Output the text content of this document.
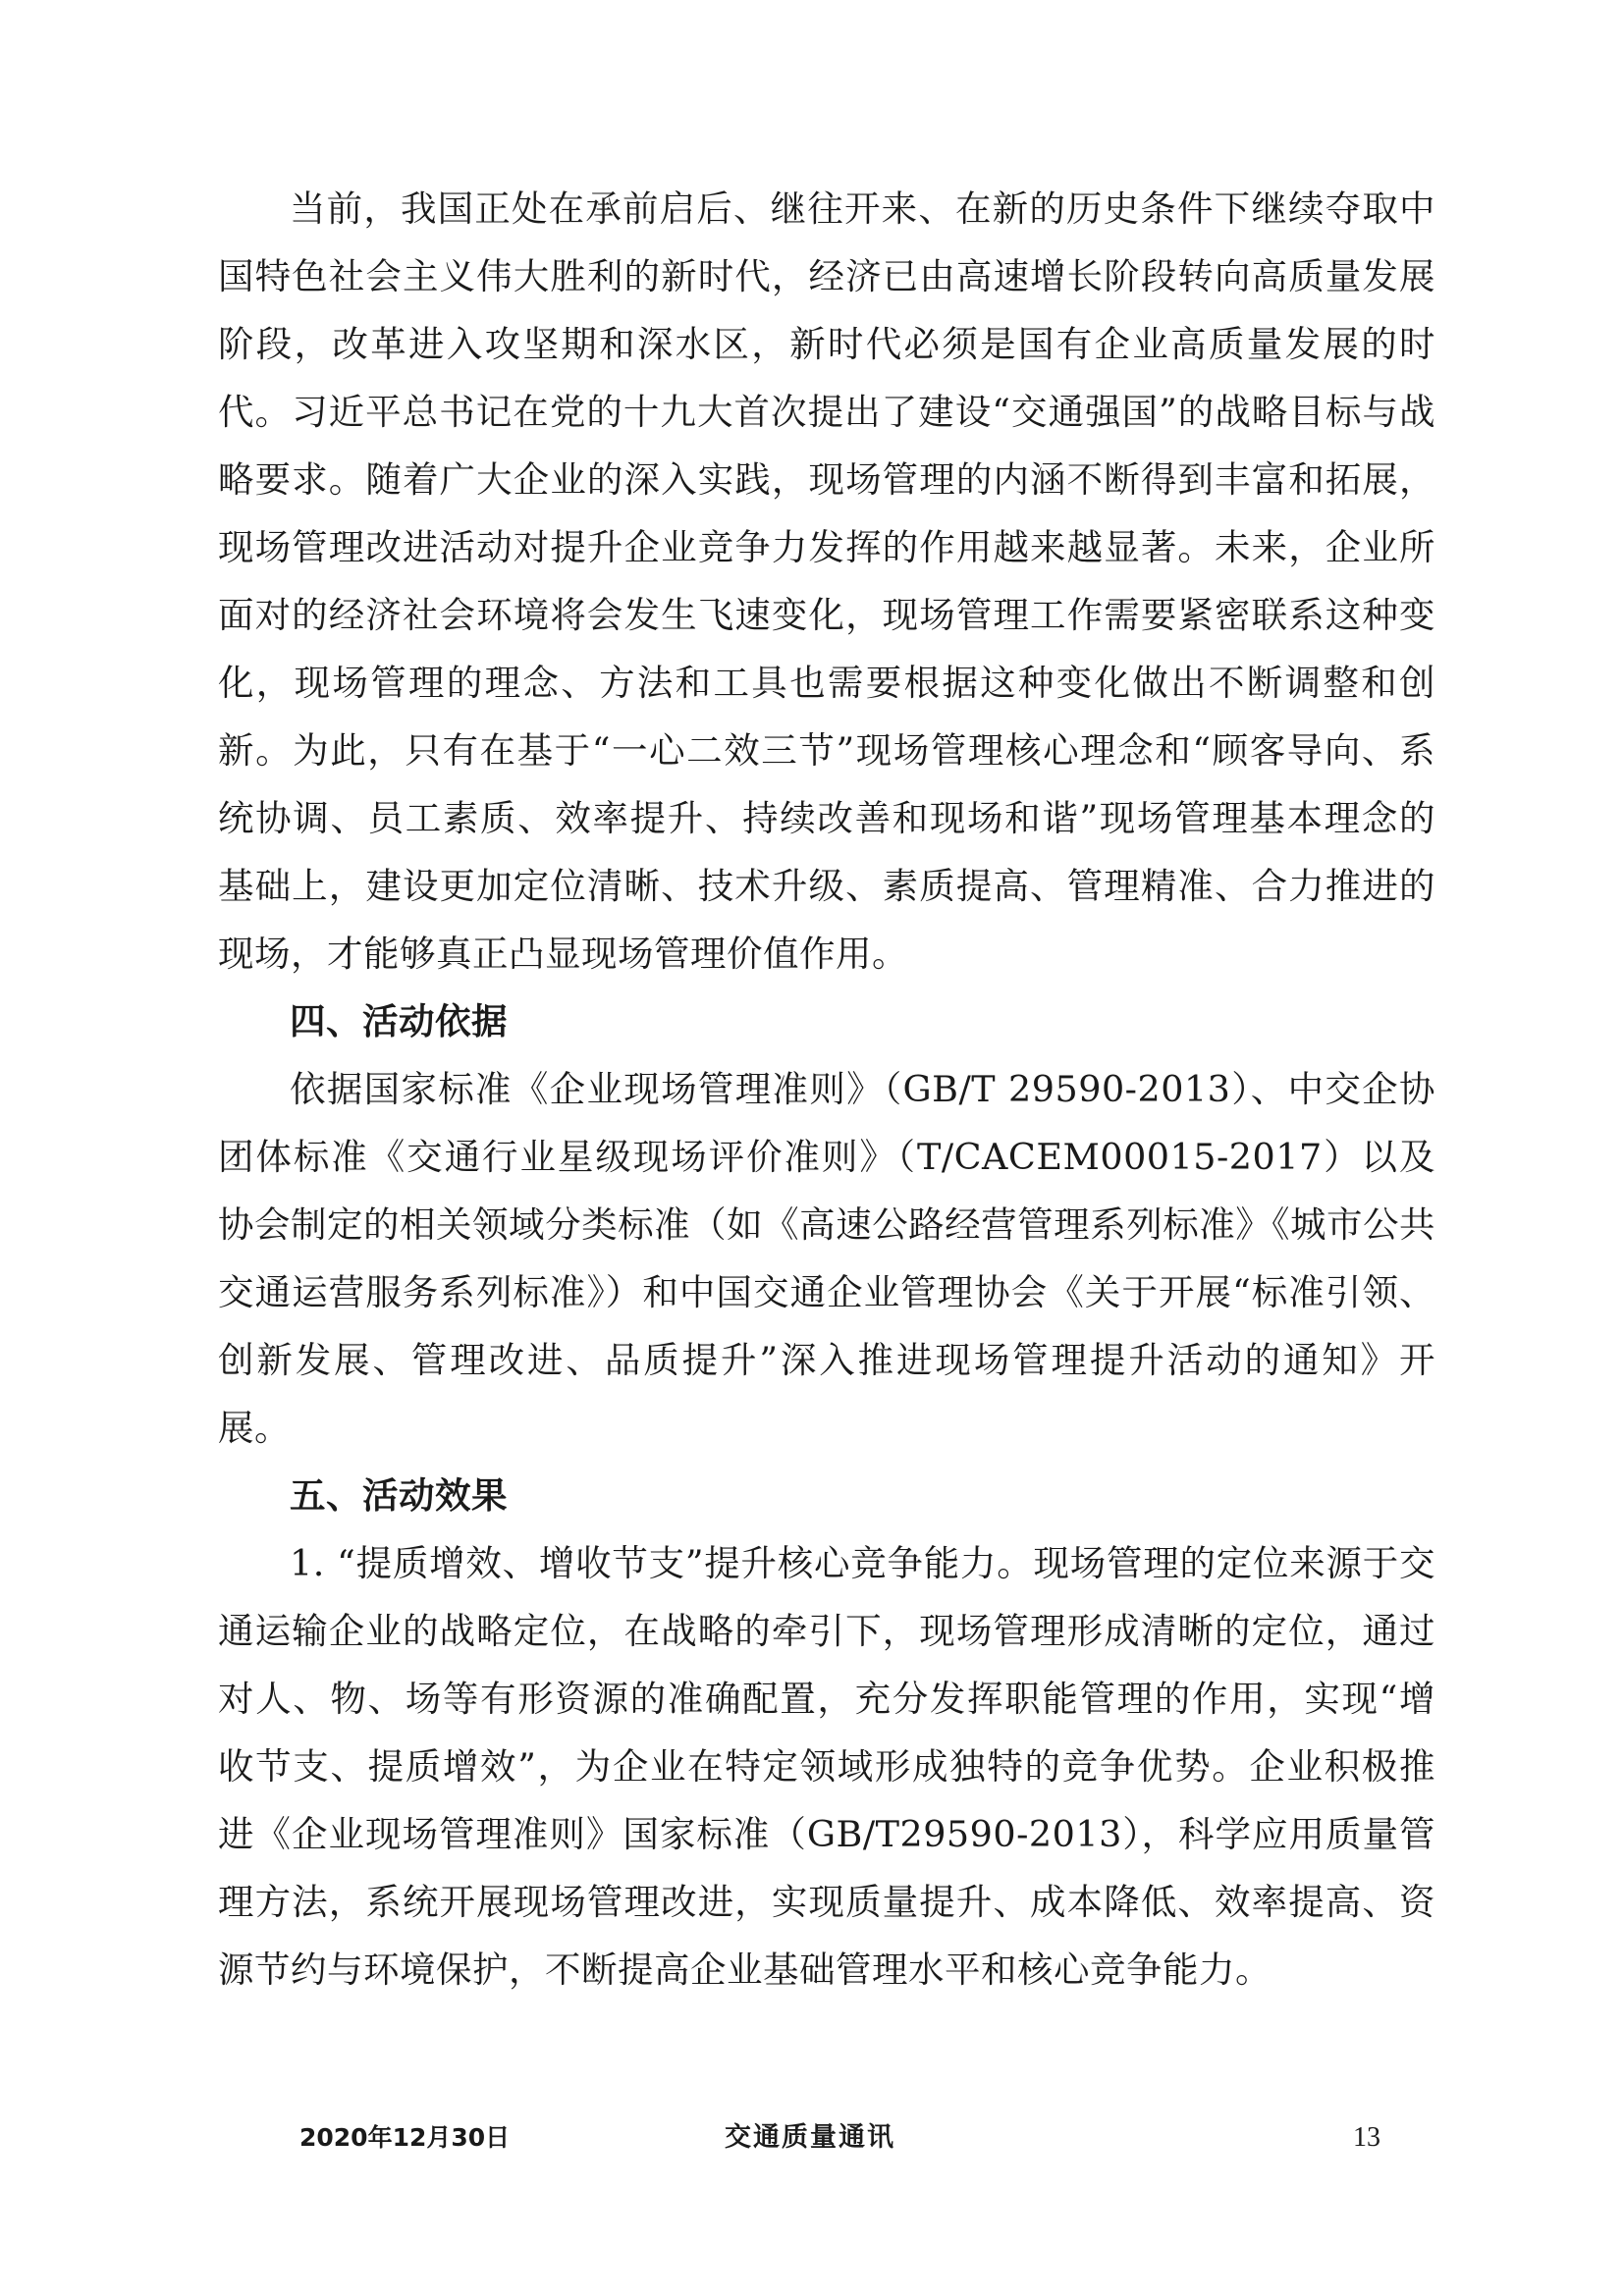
当前，我国正处在承前启后、继往开来、在新的历史条件下继续夺取中国特色社会主义伟大胜利的新时代，经济已由高速增长阶段转向高质量发展阶段，改革进入攻坚期和深水区，新时代必须是国有企业高质量发展的时代。习近平总书记在党的十九大首次提出了建设“交通强国”的战略目标与战略要求。随着广大企业的深入实践，现场管理的内涵不断得到丰富和拓展，现场管理改进活动对提升企业竞争力发挥的作用越来越显著。未来，企业所面对的经济社会环境将会发生飞速变化，现场管理工作需要紧密联系这种变化，现场管理的理念、方法和工具也需要根据这种变化做出不断调整和创新。为此，只有在基于“一心二效三节”现场管理核心理念和“顾客导向、系统协调、员工素质、效率提升、持续改善和现场和谐”现场管理基本理念的基础上，建设更加定位清晰、技术升级、素质提高、管理精准、合力推进的现场，才能够真正凸显现场管理价值作用。

四、活动依据

依据国家标准《企业现场管理准则》（GB/T 29590-2013）、中交企协团体标准《交通行业星级现场评价准则》（T/CACEM00015-2017）以及协会制定的相关领域分类标准（如《高速公路经营管理系列标准》《城市公共交通运营服务系列标准》）和中国交通企业管理协会《关于开展“标准引领、创新发展、管理改进、品质提升”深入推进现场管理提升活动的通知》开展。

五、活动效果

1. “提质增效、增收节支”提升核心竞争能力。现场管理的定位来源于交通运输企业的战略定位，在战略的牵引下，现场管理形成清晰的定位，通过对人、物、场等有形资源的准确配置，充分发挥职能管理的作用，实现“增收节支、提质增效”，为企业在特定领域形成独特的竞争优势。企业积极推进《企业现场管理准则》国家标准（GB/T29590-2013），科学应用质量管理方法，系统开展现场管理改进，实现质量提升、成本降低、效率提高、资源节约与环境保护，不断提高企业基础管理水平和核心竞争能力。

2020年12月30日	交通质量通讯	13
